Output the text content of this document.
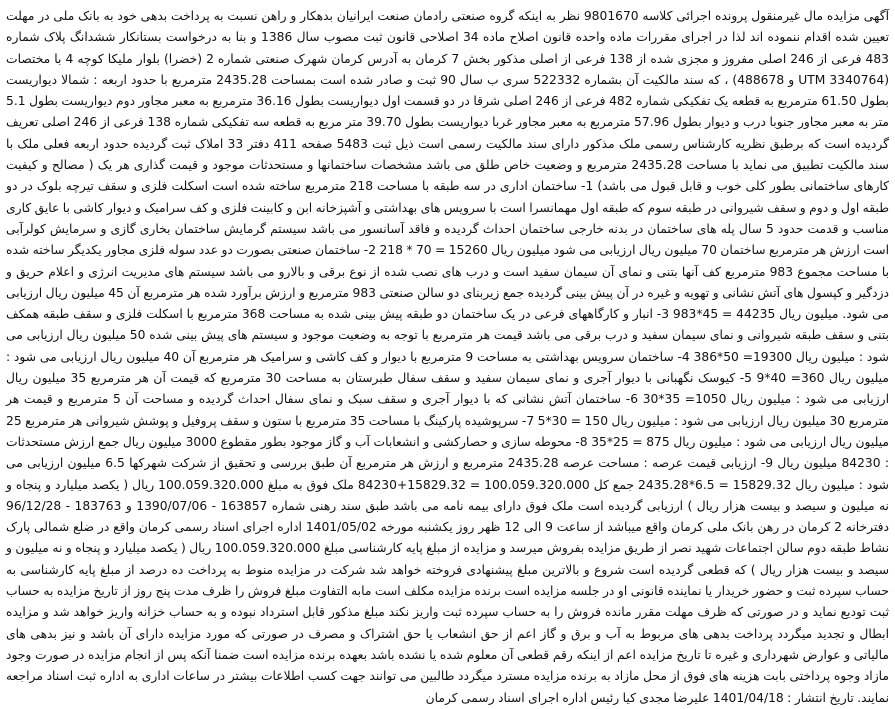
آگهی مزایده مال غیرمنقول پرونده اجرائی کلاسه 9801670 نظر به اینکه گروه صنعتی رادمان صنعت ایرانیان بدهکار و راهن نسبت به پرداخت بدهی خود به بانک ملی در مهلت تعیین شده اقدام ننموده اند لذا در اجرای مقررات ماده واحده قانون اصلاح ماده 34 اصلاحی قانون ثبت مصوب سال 1386 و بنا به درخواست بستانکار ششدانگ پلاک شماره 483 فرعی از 246 اصلی مفروز و مجزی شده از 138 فرعی از اصلی مذکور بخش 7 کرمان به آدرس کرمان شهرک صنعتی شماره 2 (خضرا) بلوار ملیکا کوچه 4 با مختصات (UTM 3340764 و 488678) ، که سند مالکیت آن بشماره 522332 سری ب سال 90 ثبت و صادر شده است بمساحت 2435.28 مترمربع با حدود اربعه : شمالا دیواریست بطول 61.50 مترمربع به قطعه یک تفکیکی شماره 482 فرعی از 246 اصلی شرقا در دو قسمت اول دیواریست بطول 36.16 مترمربع به معبر مجاور دوم دیواریست بطول 5.1 متر به معبر مجاور جنوبا درب و دیوار بطول 57.96 مترمربع به معبر مجاور غربا دیواریست بطول 39.70 متر مربع به قطعه سه تفکیکی شماره 138 فرعی از 246 اصلی تعریف گردیده است که برطبق نظریه کارشناس رسمی ملک مذکور دارای سند مالکیت رسمی است ذیل ثبت 5483 صفحه 411 دفتر 33 املاک ثبت گردیده حدود اربعه فعلی ملک با سند مالکیت تطبیق می نماید با مساحت 2435.28 مترمربع و وضعیت خاص طلق می باشد مشخصات ساختمانها و مستحدثات موجود و قیمت گذاری هر یک ( مصالح و کیفیت کارهای ساختمانی بطور کلی خوب و قابل قبول می باشد) 1- ساختمان اداری در سه طبقه با مساحت 218 مترمربع ساخته شده است اسکلت فلزی و سقف تیرچه بلوک در دو طبقه اول و دوم و سقف شیروانی در طبقه سوم که طبقه اول مهمانسرا است با سرویس های بهداشتی و آشپزخانه ابن و کابینت فلزی و کف سرامیک و دیوار کاشی با عایق کاری مناسب و قدمت حدود 5 سال پله های ساختمان در بدنه خارجی ساختمان احداث گردیده و فاقد آسانسور می باشد سیستم گرمایش ساختمان بخاری گازی و سرمایش کولرآبی است ارزش هر مترمربع ساختمان 70 میلیون ریال ارزیابی می شود میلیون ریال 15260 = 70 * 218 2- ساختمان صنعتی بصورت دو عدد سوله فلزی مجاور یکدیگر ساخته شده با مساحت مجموع 983 مترمربع کف آنها بتنی و نمای آن سیمان سفید است و درب های نصب شده از نوع برقی و بالارو می باشد سیستم های مدیریت انرژی و اعلام حریق و دزدگیر و کپسول های آتش نشانی و تهویه و غیره در آن پیش بینی گردیده جمع زیربنای دو سالن صنعتی 983 مترمربع و ارزش برآورد شده هر مترمربع آن 45 میلیون ریال ارزیابی می شود. میلیون ریال 44235 = 45*983 3- انبار و کارگاههای فرعی در یک ساختمان دو طبقه پیش بینی شده به مساحت 368 مترمربع با اسکلت فلزی و سقف طبقه همکف بتنی و سقف طبقه شیروانی و نمای سیمان سفید و درب برقی می باشد قیمت هر مترمربع با توجه به وضعیت موجود و سیستم های پیش بینی شده 50 میلیون ریال ارزیابی می شود : میلیون ریال 19300= 50*386 4- ساختمان سرویس بهداشتی به مساحت 9 مترمربع با دیوار و کف کاشی و سرامیک هر مترمربع آن 40 میلیون ریال ارزیابی می شود : میلیون ریال 360= 40*9 5- کیوسک نگهبانی با دیوار آجری و نمای سیمان سفید و سقف سفال طبرستان به مساحت 30 مترمربع که قیمت آن هر مترمربع 35 میلیون ریال ارزیابی می شود : میلیون ریال 1050= 35*30 6- ساختمان آتش نشانی که با دیوار آجری و سقف سبک و نمای سفال احداث گردیده و مساحت آن 5 مترمربع و قیمت هر مترمربع 30 میلیون ریال ارزیابی می شود : میلیون ریال 150 = 30*5 7- سرپوشیده پارکینگ با مساحت 35 مترمربع با ستون و سقف پروفیل و پوشش شیروانی هر مترمربع 25 میلیون ریال ارزیابی می شود : میلیون ریال 875 = 25*35 8- محوطه سازی و حصارکشی و انشعابات آب و گاز موجود بطور مقطوع 3000 میلیون ریال جمع ارزش مستحدثات : 84230 میلیون ریال 9- ارزیابی قیمت عرصه : مساحت عرصه 2435.28 مترمربع و ارزش هر مترمربع آن طبق بررسی و تحقیق از شرکت شهرکها 6.5 میلیون ارزیابی می شود : میلیون ریال 15829.32 = 6.5*2435.28 جمع کل 100.059.320.000 = 15829.32+84230 ملک فوق به مبلغ 100.059.320.000 ریال ( یکصد میلیارد و پنجاه و نه میلیون و سیصد و بیست هزار ریال ) ارزیابی گردیده است ملک فوق دارای بیمه نامه می باشد طبق سند رهنی شماره 163857 - 1390/07/06 و 183763 - 96/12/28 دفترخانه 2 کرمان در رهن بانک ملی کرمان واقع میباشد از ساعت 9 الی 12 ظهر روز یکشنبه مورخه 1401/05/02 اداره اجرای اسناد رسمی کرمان واقع در ضلع شمالی پارک نشاط طبقه دوم سالن اجتماعات شهید نصر از طریق مزایده بفروش میرسد و مزایده از مبلغ پایه کارشناسی مبلغ 100.059.320.000 ریال ( یکصد میلیارد و پنجاه و نه میلیون و سیصد و بیست هزار ریال ) که قطعی گردیده است شروع و بالاترین مبلغ پیشنهادی فروخته خواهد شد شرکت در مزایده منوط به پرداخت ده درصد از مبلغ پایه کارشناسی به حساب سپرده ثبت و حضور خریدار یا نماینده قانونی او در جلسه مزایده است برنده مزایده مکلف است مابه التفاوت مبلغ فروش را ظرف مدت پنج روز از تاریخ مزایده به حساب ثبت تودیع نماید و در صورتی که ظرف مهلت مقرر مانده فروش را به حساب سپرده ثبت واریز نکند مبلغ مذکور قابل استرداد نبوده و به حساب خزانه واریز خواهد شد و مزایده ابطال و تجدید میگردد پرداخت بدهی های مربوط به آب و برق و گاز اعم از حق انشعاب یا حق اشتراک و مصرف در صورتی که مورد مزایده دارای آن باشد و نیز بدهی های مالیاتی و عوارض شهرداری و غیره تا تاریخ مزایده اعم از اینکه رقم قطعی آن معلوم شده یا نشده باشد بعهده برنده مزایده است ضمنا آنکه پس از انجام مزایده در صورت وجود مازاد وجوه پرداختی بابت هزینه های فوق از محل مازاد به برنده مزایده مسترد میگردد طالبین می توانند جهت کسب اطلاعات بیشتر در ساعات اداری به اداره ثبت اسناد مراجعه نمایند. تاریخ انتشار : 1401/04/18 علیرضا مجدی کیا رئیس اداره اجرای اسناد رسمی کرمان
